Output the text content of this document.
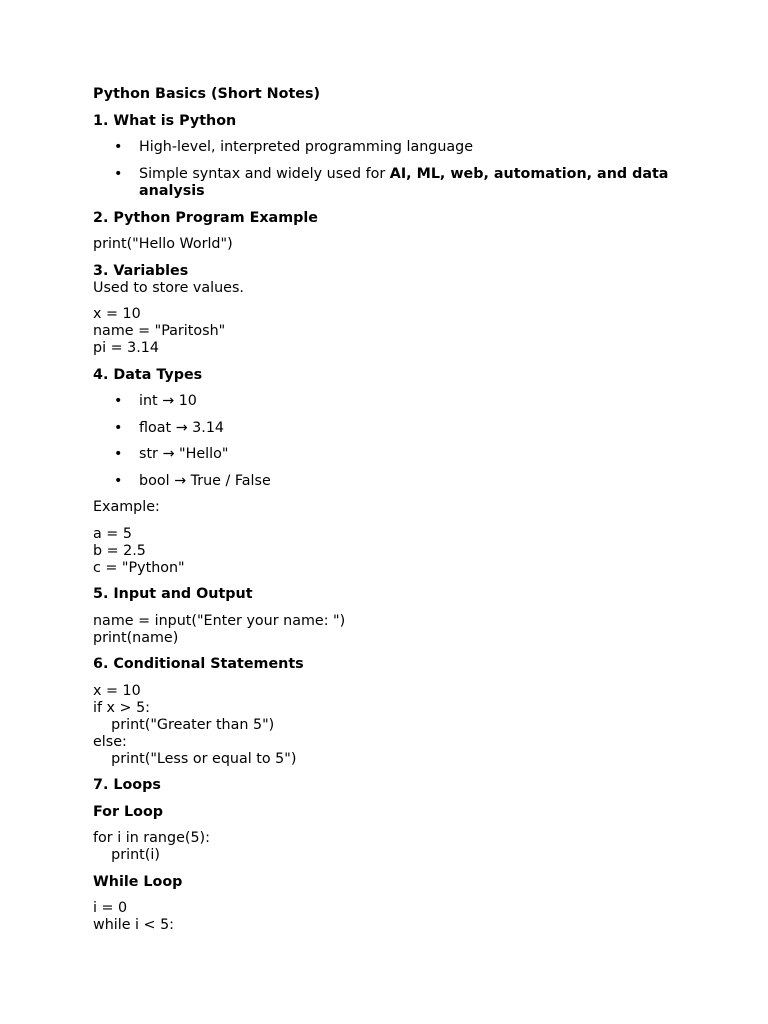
Python Basics (Short Notes)
1. What is Python
• High-level, interpreted programming language
• Simple syntax and widely used for AI, ML, web, automation, and data analysis
2. Python Program Example
print("Hello World")
3. Variables
Used to store values.
x = 10
name = "Paritosh"
pi = 3.14
4. Data Types
• int → 10
• float → 3.14
• str → "Hello"
• bool → True / False
Example:
a = 5
b = 2.5
c = "Python"
5. Input and Output
name = input("Enter your name: ")
print(name)
6. Conditional Statements
x = 10
if x > 5:
print("Greater than 5")
else:
print("Less or equal to 5")
7. Loops
For Loop
for i in range(5):
print(i)
While Loop
i = 0
while i < 5:
